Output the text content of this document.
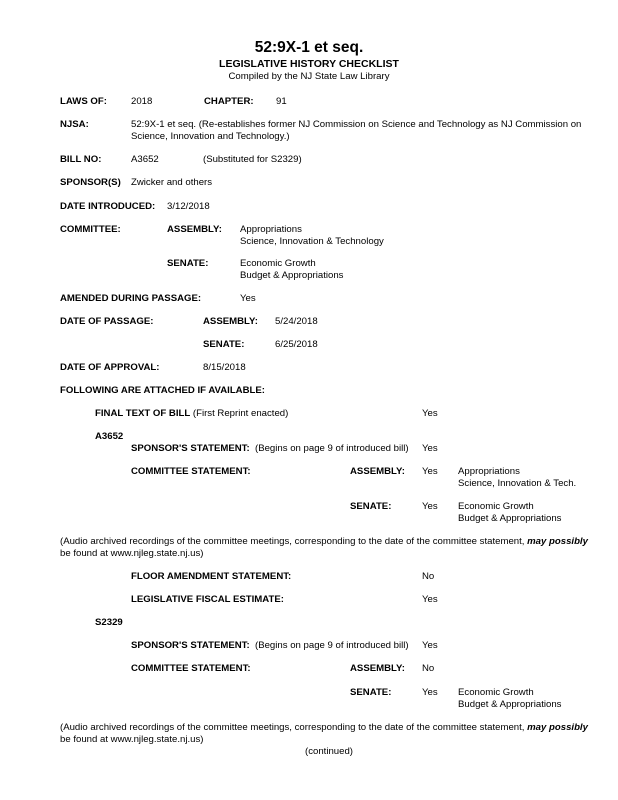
52:9X-1 et seq.
LEGISLATIVE HISTORY CHECKLIST
Compiled by the NJ State Law Library
LAWS OF:	2018	CHAPTER: 91
NJSA:	52:9X-1 et seq. (Re-establishes former NJ Commission on Science and Technology as NJ Commission on
Science, Innovation and Technology.)
BILL NO:	A3652	(Substituted for S2329)
SPONSOR(S) Zwicker and others
DATE INTRODUCED: 3/12/2018
COMMITTEE:	ASSEMBLY: Appropriations
Science, Innovation & Technology
SENATE:	Economic Growth
Budget & Appropriations
AMENDED DURING PASSAGE:	Yes
DATE OF PASSAGE:	ASSEMBLY: 5/24/2018
SENATE:	6/25/2018
DATE OF APPROVAL:	8/15/2018
FOLLOWING ARE ATTACHED IF AVAILABLE:
FINAL TEXT OF BILL (First Reprint enacted)	Yes
A3652
SPONSOR'S STATEMENT: (Begins on page 9 of introduced bill) Yes
COMMITTEE STATEMENT:	ASSEMBLY: Yes Appropriations
Science, Innovation & Tech.
SENATE:	Yes Economic Growth
Budget & Appropriations
(Audio archived recordings of the committee meetings, corresponding to the date of the committee statement, may possibly
be found at www.njleg.state.nj.us)
FLOOR AMENDMENT STATEMENT:	No
LEGISLATIVE FISCAL ESTIMATE:	Yes
S2329
SPONSOR'S STATEMENT: (Begins on page 9 of introduced bill) Yes
COMMITTEE STATEMENT:	ASSEMBLY: No
SENATE:	Yes Economic Growth
Budget & Appropriations
(Audio archived recordings of the committee meetings, corresponding to the date of the committee statement, may possibly
be found at www.njleg.state.nj.us)
(continued)
